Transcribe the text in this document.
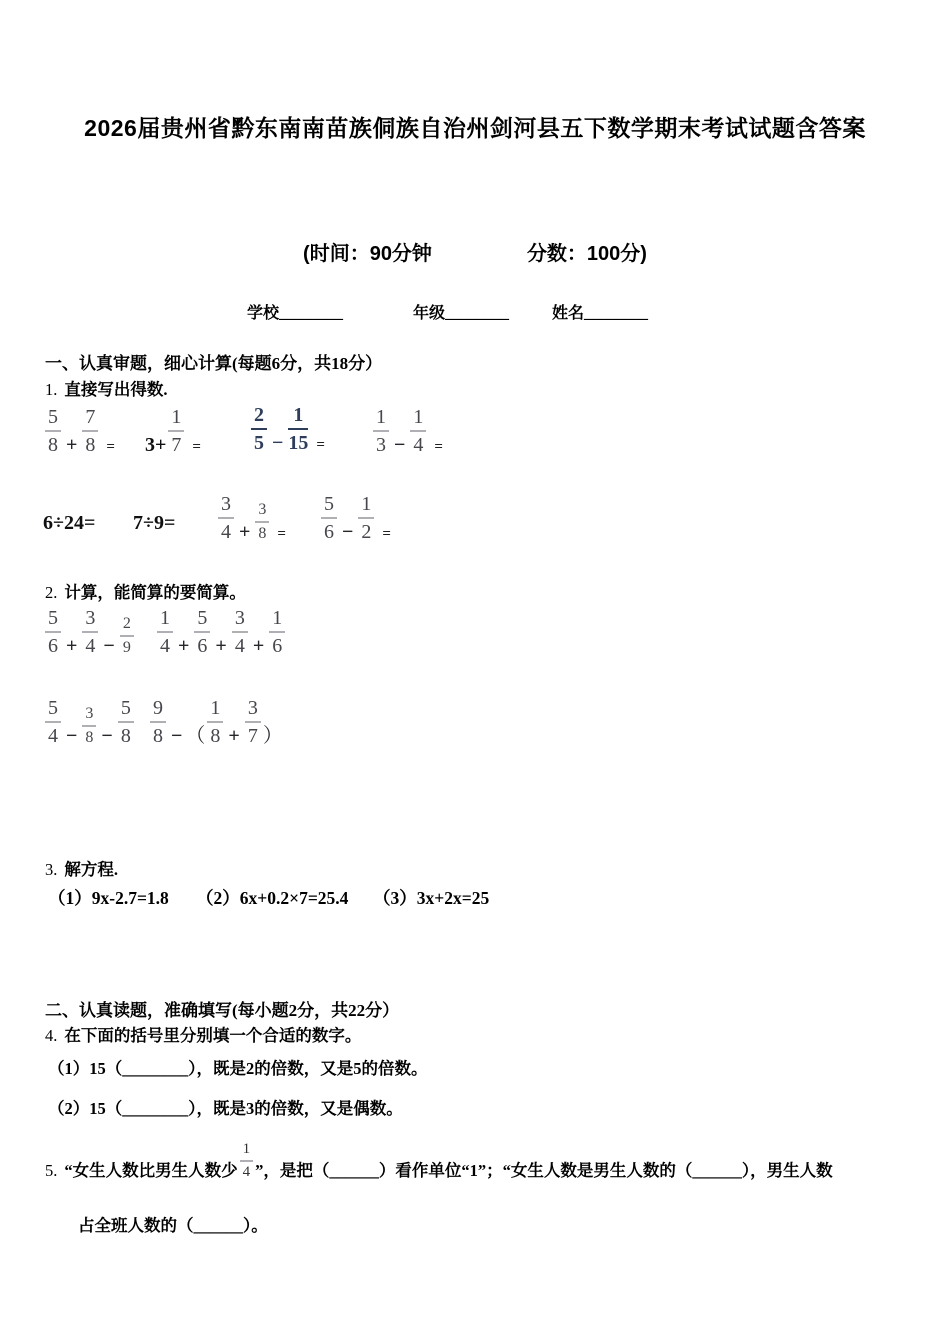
2026届贵州省黔东南南苗族侗族自治州剑河县五下数学期末考试试题含答案
(时间：90分钟	分数：100分)
学校________	年级________	姓名________
一、认真审题，细心计算(每题6分，共18分）
1. 直接写出得数.
$\frac{5}{8} + \frac{7}{8} = 3+ \frac{1}{7}$ =	$\frac{2}{5} - \frac{1}{15} = \frac{1}{3} - \frac{1}{4}$ =
$6\div 24= 7\div 9= \frac{3}{4} + \frac{3}{8} = \frac{5}{6} - \frac{1}{2}$ =
2. 计算，能简算的要简算。
$\frac{5}{6} + \frac{3}{4} - \frac{2}{9} \frac{1}{4} + \frac{5}{6} + \frac{3}{4} + \frac{1}{6}$
$\frac{5}{4} - \frac{3}{8} - \frac{5}{8} \frac{9}{8}$ − （ $\frac{1}{8} + \frac{3}{7}$ ）
3. 解方程.
（1）9x-2.7=1.8 （2）6x+0.2×7=25.4 （3）3x+2x=25
二、认真读题，准确填写(每小题2分，共22分）
4. 在下面的括号里分别填一个合适的数字。
（1）15（________），既是2的倍数，又是5的倍数。
（2）15（________），既是3的倍数，又是偶数。
5. “女生人数比男生人数少 $\frac{1}{4}$ ”，是把（______）看作单位“1”；“女生人数是男生人数的（______），男生人数
占全班人数的（______）。
